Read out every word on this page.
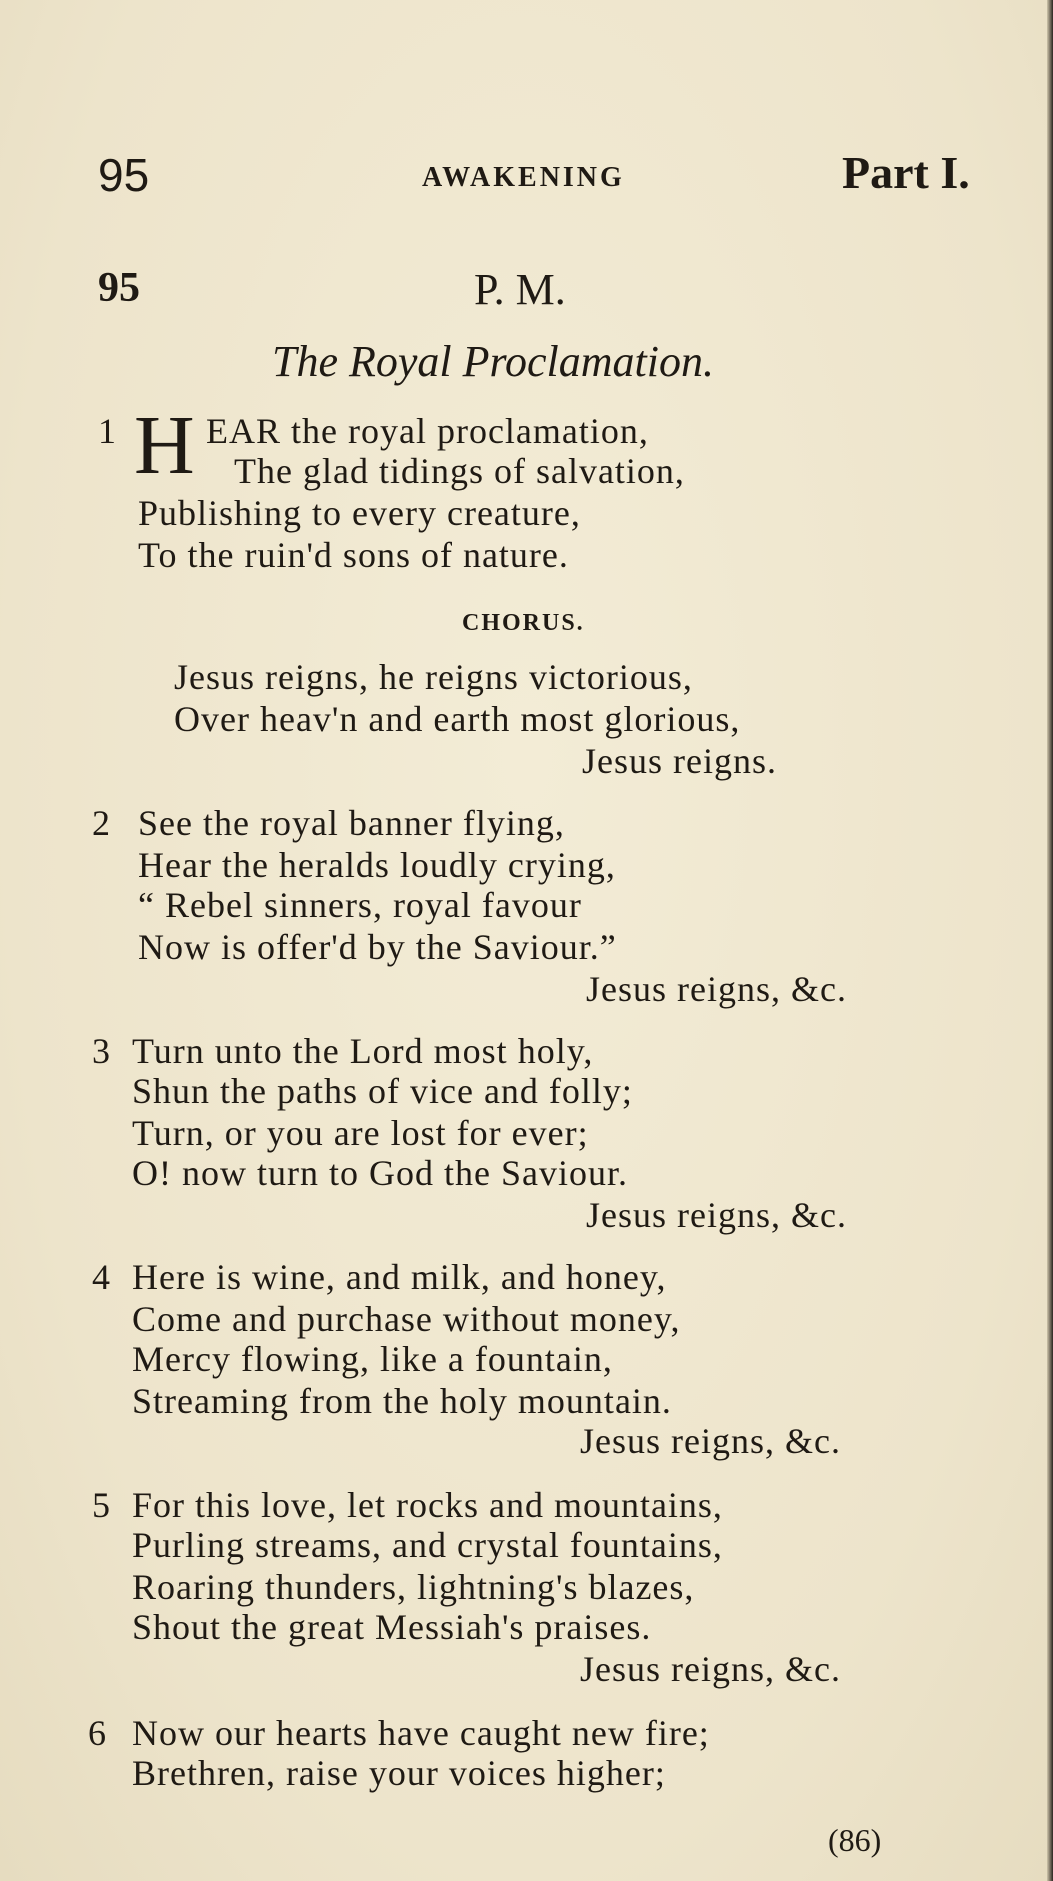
95	AWAKENING	Part I.
95	P. M.
The Royal Proclamation.
1 H EAR the royal proclamation,
The glad tidings of salvation,
Publishing to every creature,
To the ruin'd sons of nature.
CHORUS.
Jesus reigns, he reigns victorious,
Over heav'n and earth most glorious,
Jesus reigns.
2 See the royal banner flying,
Hear the heralds loudly crying,
“ Rebel sinners, royal favour
Now is offer'd by the Saviour.”
Jesus reigns, &c.
3 Turn unto the Lord most holy,
Shun the paths of vice and folly;
Turn, or you are lost for ever;
O! now turn to God the Saviour.
Jesus reigns, &c.
4 Here is wine, and milk, and honey,
Come and purchase without money,
Mercy flowing, like a fountain,
Streaming from the holy mountain.
Jesus reigns, &c.
5 For this love, let rocks and mountains,
Purling streams, and crystal fountains,
Roaring thunders, lightning's blazes,
Shout the great Messiah's praises.
Jesus reigns, &c.
6 Now our hearts have caught new fire;
Brethren, raise your voices higher;
(86)
